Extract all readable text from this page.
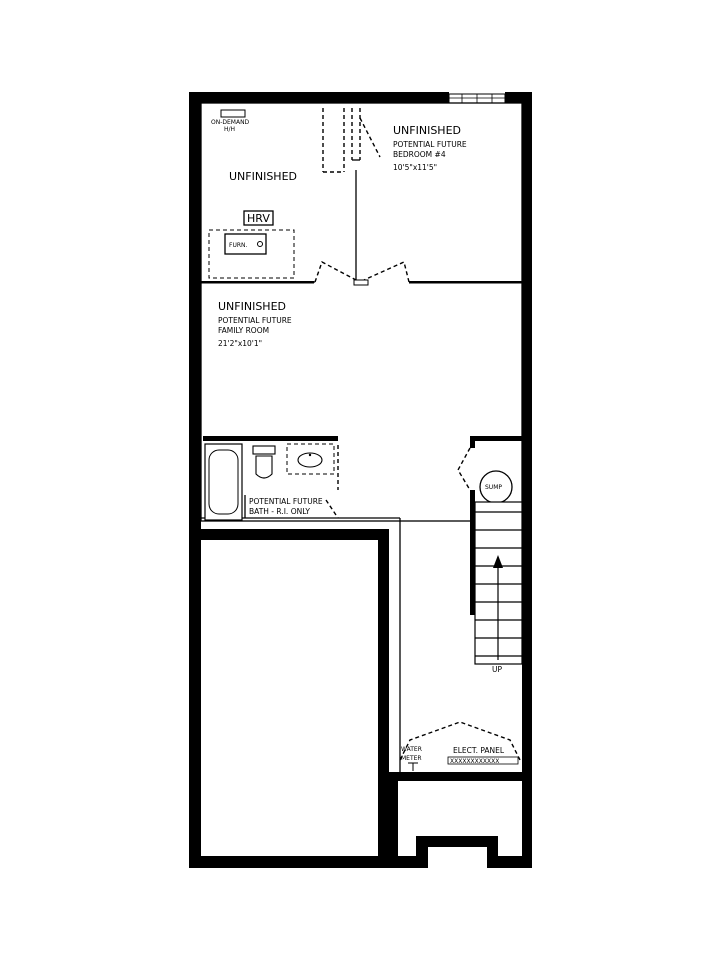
ON-DEMAND
H/H
UNFINISHED
UNFINISHED
POTENTIAL FUTURE
BEDROOM #4
10'5"x11'5"
HRV
FURN.
UNFINISHED
POTENTIAL FUTURE
FAMILY ROOM
21'2"x10'1"
POTENTIAL FUTURE
BATH - R.I. ONLY
SUMP
UP
WATER
METER
ELECT. PANEL
XXXXXXXXXXXX
ELGIN REALTY LIMITED, Brokerage
